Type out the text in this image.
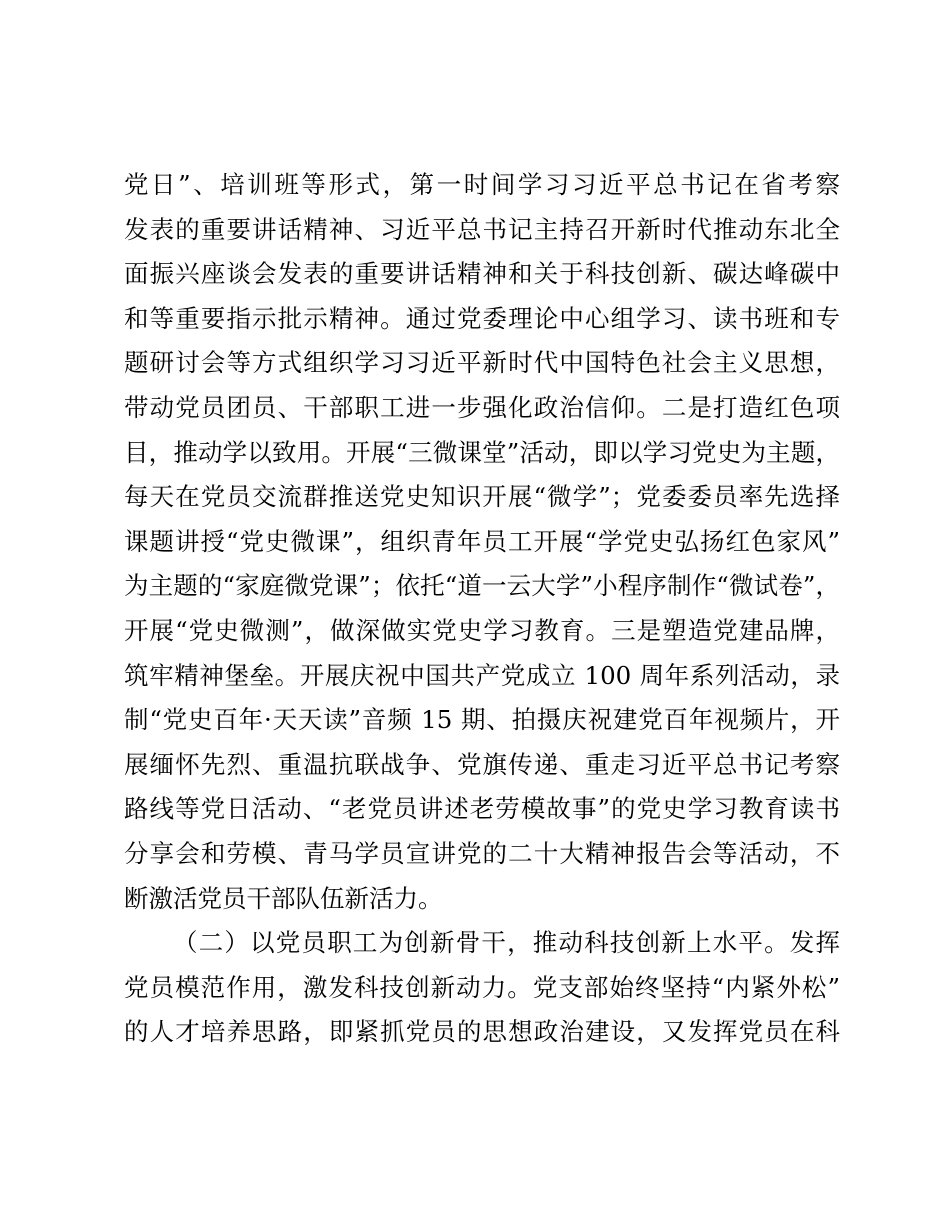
党日”、培训班等形式，第一时间学习习近平总书记在省考察
发表的重要讲话精神、习近平总书记主持召开新时代推动东北全
面振兴座谈会发表的重要讲话精神和关于科技创新、碳达峰碳中
和等重要指示批示精神。通过党委理论中心组学习、读书班和专
题研讨会等方式组织学习习近平新时代中国特色社会主义思想，
带动党员团员、干部职工进一步强化政治信仰。二是打造红色项
目，推动学以致用。开展“三微课堂”活动，即以学习党史为主题，
每天在党员交流群推送党史知识开展“微学”；党委委员率先选择
课题讲授“党史微课”，组织青年员工开展“学党史弘扬红色家风”
为主题的“家庭微党课”；依托“道一云大学”小程序制作“微试卷”，
开展“党史微测”，做深做实党史学习教育。三是塑造党建品牌，
筑牢精神堡垒。开展庆祝中国共产党成立 100 周年系列活动，录
制“党史百年·天天读”音频 15 期、拍摄庆祝建党百年视频片，开
展缅怀先烈、重温抗联战争、党旗传递、重走习近平总书记考察
路线等党日活动、“老党员讲述老劳模故事”的党史学习教育读书
分享会和劳模、青马学员宣讲党的二十大精神报告会等活动，不
断激活党员干部队伍新活力。
（二）以党员职工为创新骨干，推动科技创新上水平。发挥
党员模范作用，激发科技创新动力。党支部始终坚持“内紧外松”
的人才培养思路，即紧抓党员的思想政治建设，又发挥党员在科
